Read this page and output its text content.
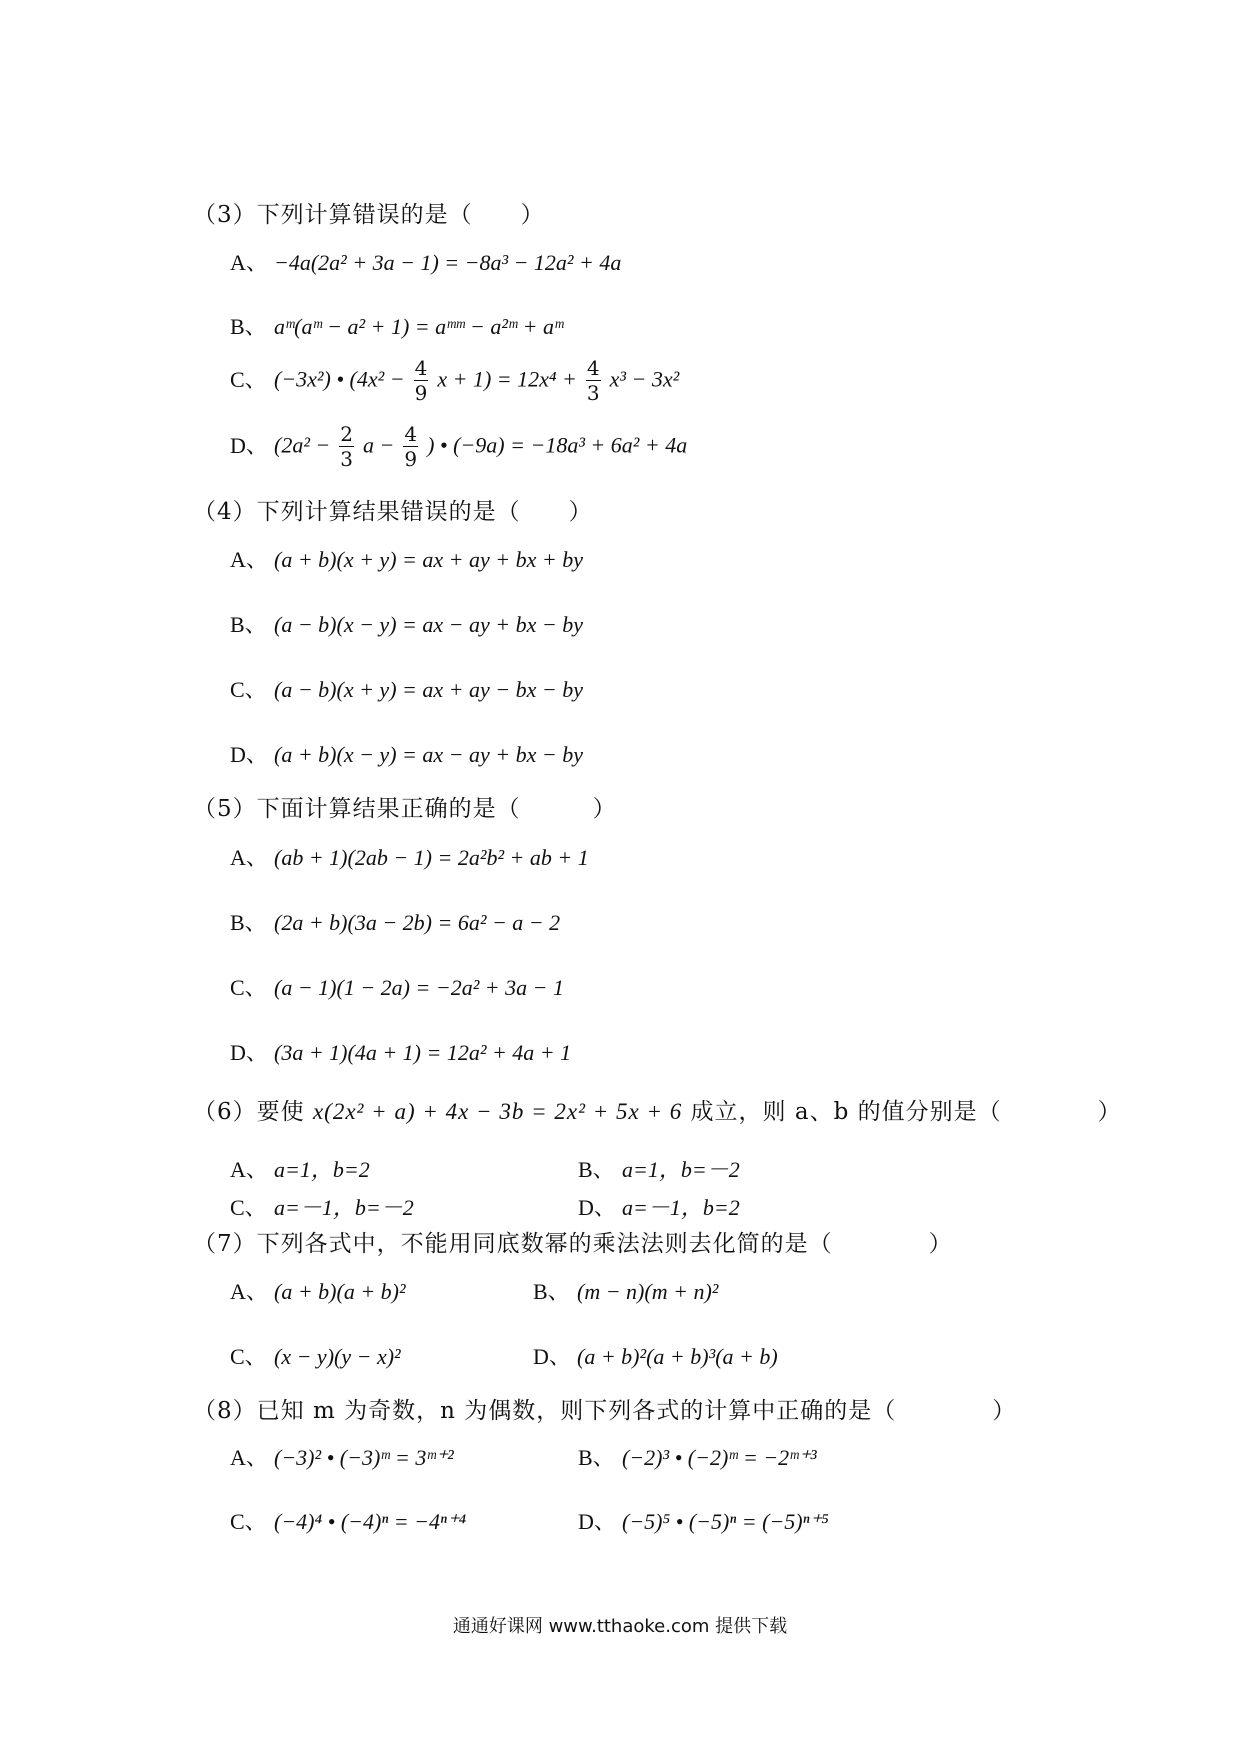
（3）下列计算错误的是（　　）
A、 −4a(2a² + 3a − 1) = −8a³ − 12a² + 4a
B、 aᵐ(aᵐ − a² + 1) = aᵐᵐ − a²ᵐ + aᵐ
C、 (−3x²) • ($4x^2 - \frac{4}{9}$ $x + 1) = 12x^4 + \frac{4}{3} x^3 - 3x^2$
D、 ($2a^2 - \frac{2}{3}$ $a - \frac{4}{9}$ ) • (−9a) = −18a³ + 6a² + 4a
（4）下列计算结果错误的是（　　）
A、 (a + b)(x + y) = ax + ay + bx + by
B、 (a − b)(x − y) = ax − ay + bx − by
C、 (a − b)(x + y) = ax + ay − bx − by
D、 (a + b)(x − y) = ax − ay + bx − by
（5）下面计算结果正确的是（　　　）
A、 (ab + 1)(2ab − 1) = 2a²b² + ab + 1
B、 (2a + b)(3a − 2b) = 6a² − a − 2
C、 (a − 1)(1 − 2a) = −2a² + 3a − 1
D、 (3a + 1)(4a + 1) = 12a² + 4a + 1
（6）要使 x(2x² + a) + 4x − 3b = 2x² + 5x + 6 成立，则 a、b 的值分别是（　　　　）
A、 a=1，b=2	B、 a=1，b=－2
C、 a=－1，b=－2	D、 a=－1，b=2
（7）下列各式中，不能用同底数幂的乘法法则去化简的是（　　　　）
A、 (a + b)(a + b)²	B、 (m − n)(m + n)²
C、 (x − y)(y − x)²	D、 (a + b)²(a + b)³(a + b)
（8）已知 m 为奇数，n 为偶数，则下列各式的计算中正确的是（　　　　）
A、 (−3)² • (−3)ᵐ = 3ᵐ⁺²	B、 (−2)³ • (−2)ᵐ = −2ᵐ⁺³
C、 (−4)⁴ • (−4)ⁿ = −4ⁿ⁺⁴	D、 (−5)⁵ • (−5)ⁿ = (−5)ⁿ⁺⁵
通通好课网 www.tthaoke.com 提供下载
